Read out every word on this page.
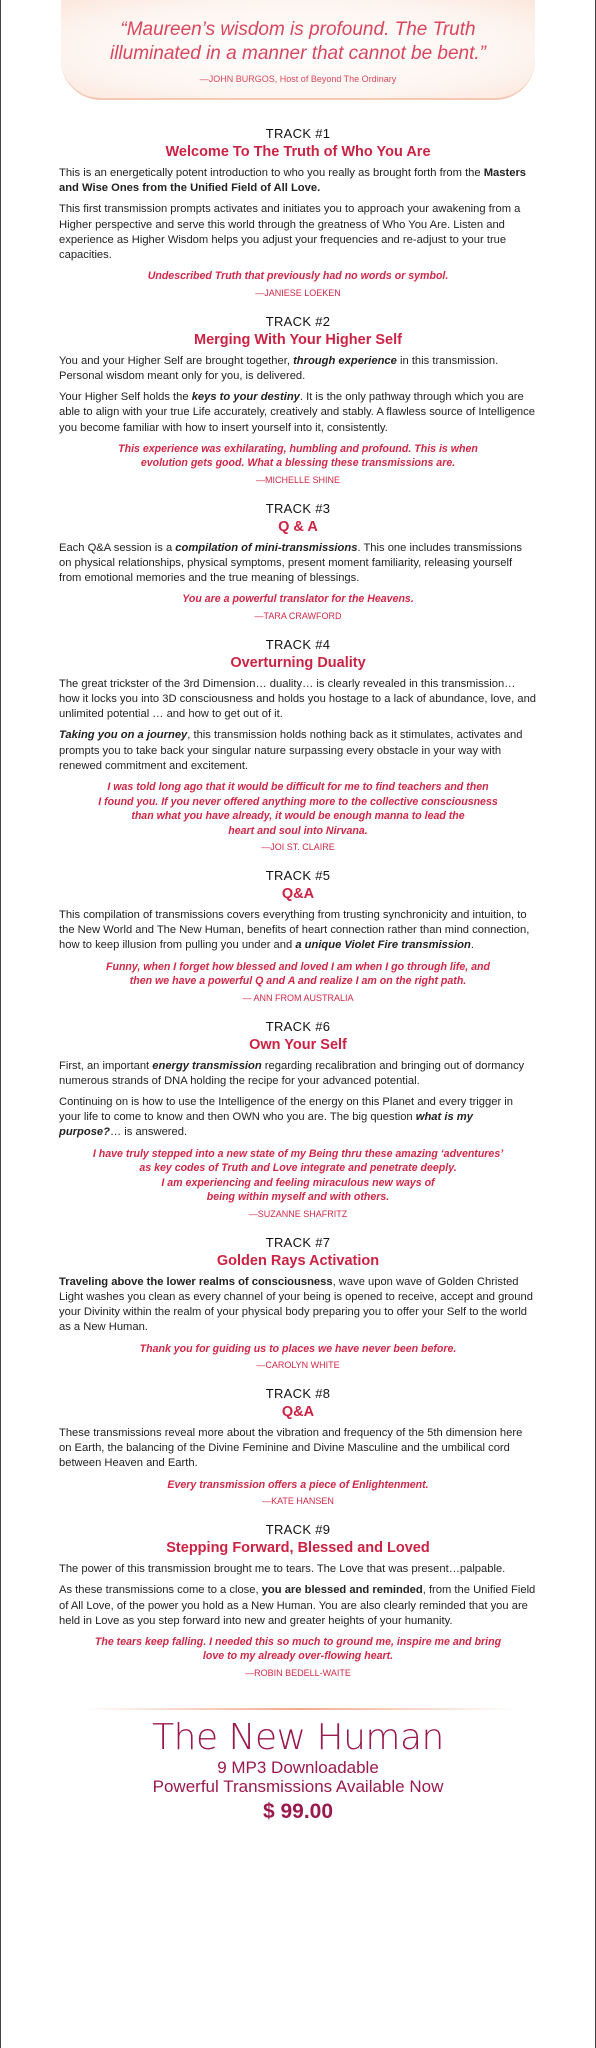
“Maureen’s wisdom is profound. The Truth
illuminated in a manner that cannot be bent.”
—JOHN BURGOS, Host of Beyond The Ordinary
TRACK #1
Welcome To The Truth of Who You Are

This is an energetically potent introduction to who you really as brought forth from the Masters and Wise Ones from the Unified Field of All Love.

This first transmission prompts activates and initiates you to approach your awakening from a Higher perspective and serve this world through the greatness of Who You Are. Listen and experience as Higher Wisdom helps you adjust your frequencies and re-adjust to your true capacities.

Undescribed Truth that previously had no words or symbol.
—JANIESE LOEKEN
TRACK #2
Merging With Your Higher Self

You and your Higher Self are brought together, through experience in this transmission. Personal wisdom meant only for you, is delivered.

Your Higher Self holds the keys to your destiny. It is the only pathway through which you are able to align with your true Life accurately, creatively and stably. A flawless source of Intelligence you become familiar with how to insert yourself into it, consistently.

This experience was exhilarating, humbling and profound. This is when
evolution gets good. What a blessing these transmissions are.
—MICHELLE SHINE
TRACK #3
Q & A

Each Q&A session is a compilation of mini-transmissions. This one includes transmissions on physical relationships, physical symptoms, present moment familiarity, releasing yourself from emotional memories and the true meaning of blessings.

You are a powerful translator for the Heavens.
—TARA CRAWFORD
TRACK #4
Overturning Duality

The great trickster of the 3rd Dimension… duality… is clearly revealed in this transmission… how it locks you into 3D consciousness and holds you hostage to a lack of abundance, love, and unlimited potential … and how to get out of it.

Taking you on a journey, this transmission holds nothing back as it stimulates, activates and prompts you to take back your singular nature surpassing every obstacle in your way with renewed commitment and excitement.

I was told long ago that it would be difficult for me to find teachers and then
I found you. If you never offered anything more to the collective consciousness
than what you have already, it would be enough manna to lead the
heart and soul into Nirvana.
—JOI ST. CLAIRE
TRACK #5
Q&A

This compilation of transmissions covers everything from trusting synchronicity and intuition, to the New World and The New Human, benefits of heart connection rather than mind connection, how to keep illusion from pulling you under and a unique Violet Fire transmission.

Funny, when I forget how blessed and loved I am when I go through life, and
then we have a powerful Q and A and realize I am on the right path.
— ANN FROM AUSTRALIA
TRACK #6
Own Your Self

First, an important energy transmission regarding recalibration and bringing out of dormancy numerous strands of DNA holding the recipe for your advanced potential.

Continuing on is how to use the Intelligence of the energy on this Planet and every trigger in your life to come to know and then OWN who you are. The big question what is my purpose?… is answered.

I have truly stepped into a new state of my Being thru these amazing ‘adventures’
as key codes of Truth and Love integrate and penetrate deeply.
I am experiencing and feeling miraculous new ways of
being within myself and with others.
—SUZANNE SHAFRITZ
TRACK #7
Golden Rays Activation

Traveling above the lower realms of consciousness, wave upon wave of Golden Christed Light washes you clean as every channel of your being is opened to receive, accept and ground your Divinity within the realm of your physical body preparing you to offer your Self to the world as a New Human.

Thank you for guiding us to places we have never been before.
—CAROLYN WHITE
TRACK #8
Q&A

These transmissions reveal more about the vibration and frequency of the 5th dimension here on Earth, the balancing of the Divine Feminine and Divine Masculine and the umbilical cord between Heaven and Earth.

Every transmission offers a piece of Enlightenment.
—KATE HANSEN
TRACK #9
Stepping Forward, Blessed and Loved

The power of this transmission brought me to tears. The Love that was present…palpable.

As these transmissions come to a close, you are blessed and reminded, from the Unified Field of All Love, of the power you hold as a New Human. You are also clearly reminded that you are held in Love as you step forward into new and greater heights of your humanity.

The tears keep falling. I needed this so much to ground me, inspire me and bring
love to my already over-flowing heart.
—ROBIN BEDELL-WAITE
The New Human
9 MP3 Downloadable
Powerful Transmissions Available Now
$ 99.00
